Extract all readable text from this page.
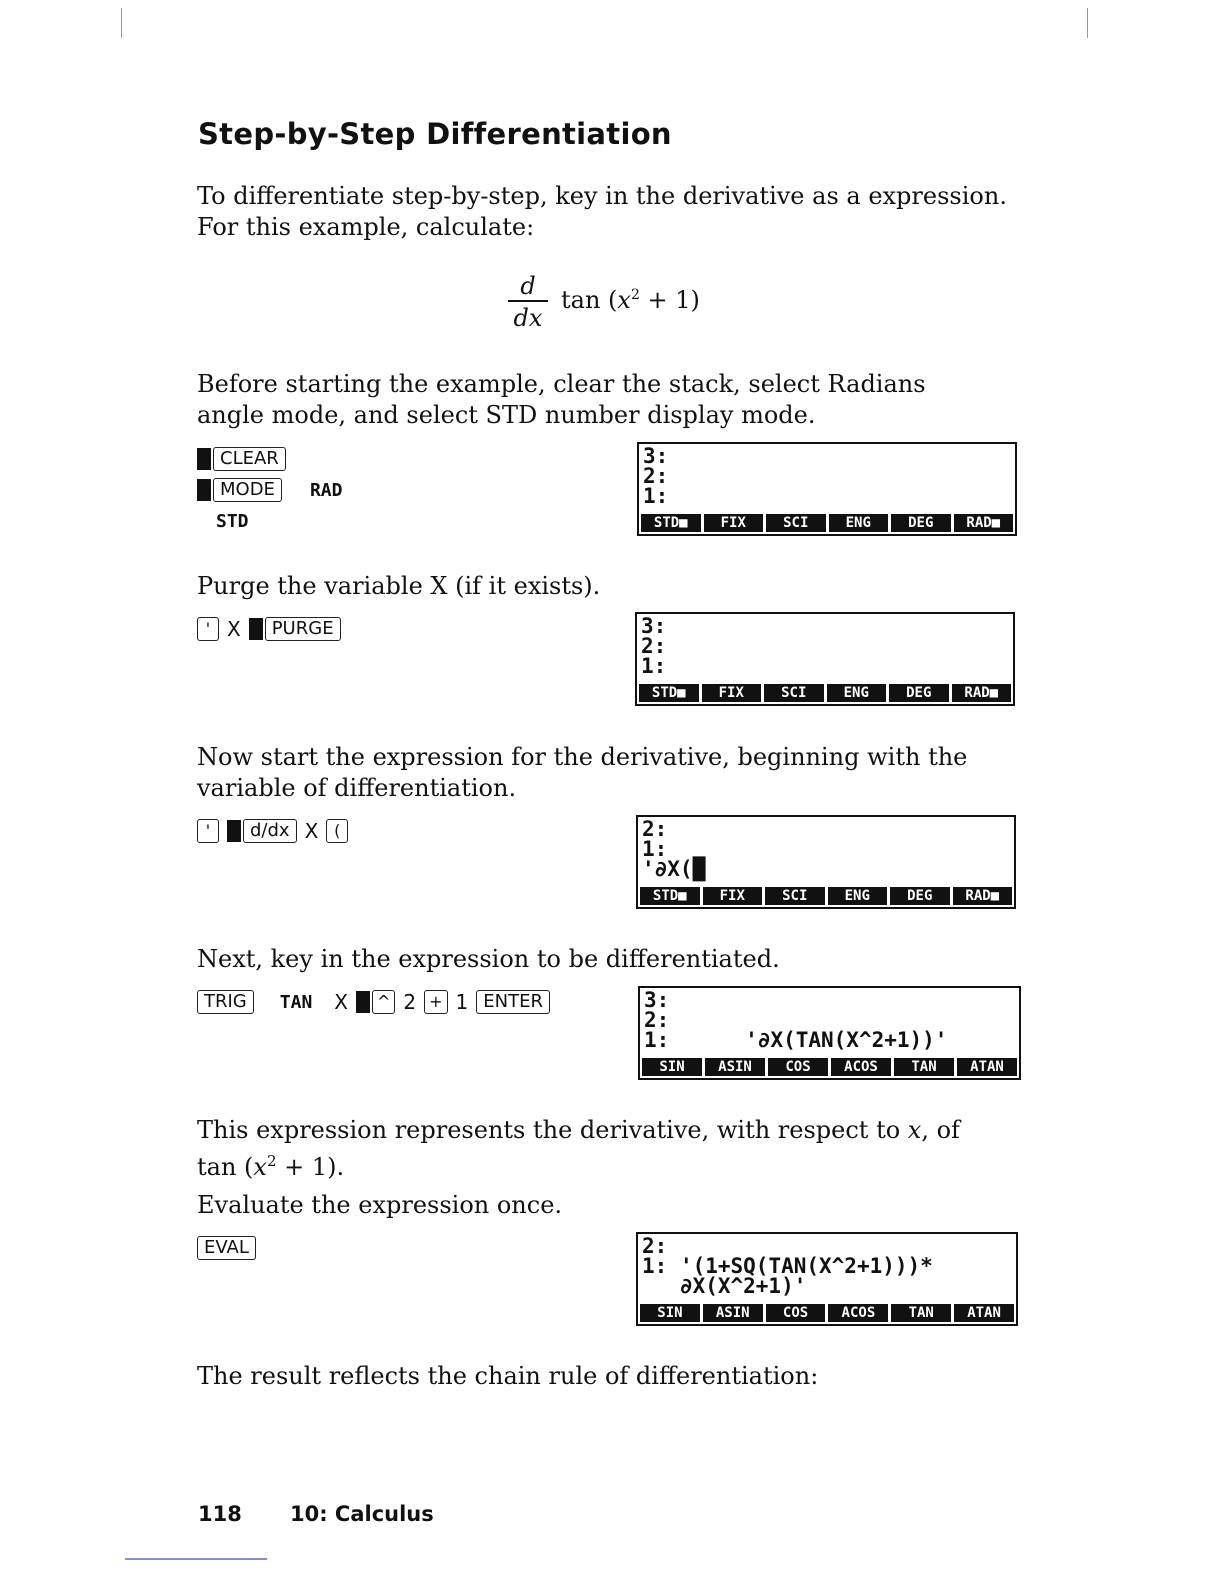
Step-by-Step Differentiation

To differentiate step-by-step, key in the derivative as a expression. For this example, calculate:

d
dx
$\tan (x^2 + 1)$

Before starting the example, clear the stack, select Radians angle mode, and select STD number display mode.

CLEAR
MODE	RAD
STD
3:
2:
1:
STD■	FIX	SCI	ENG	DEG	RAD■

Purge the variable X (if it exists).

' X	PURGE	3:
2:
1:
STD■	FIX	SCI	ENG	DEG	RAD■

Now start the expression for the derivative, beginning with the variable of differentiation.

'	d/dx X (	2:
1:
'∂X(█
STD■	FIX	SCI	ENG	DEG	RAD■

Next, key in the expression to be differentiated.

TRIG	TAN X	^ 2 + 1 ENTER	3:
2:
1:      '∂X(TAN(X^2+1))'
SIN	ASIN	COS	ACOS	TAN	ATAN

This expression represents the derivative, with respect to x, of
$\tan (x^2 + 1)$.

Evaluate the expression once.

EVAL	2:
1: '(1+SQ(TAN(X^2+1)))*
∂X(X^2+1)'
SIN	ASIN	COS	ACOS	TAN	ATAN

The result reflects the chain rule of differentiation:

118 10: Calculus
